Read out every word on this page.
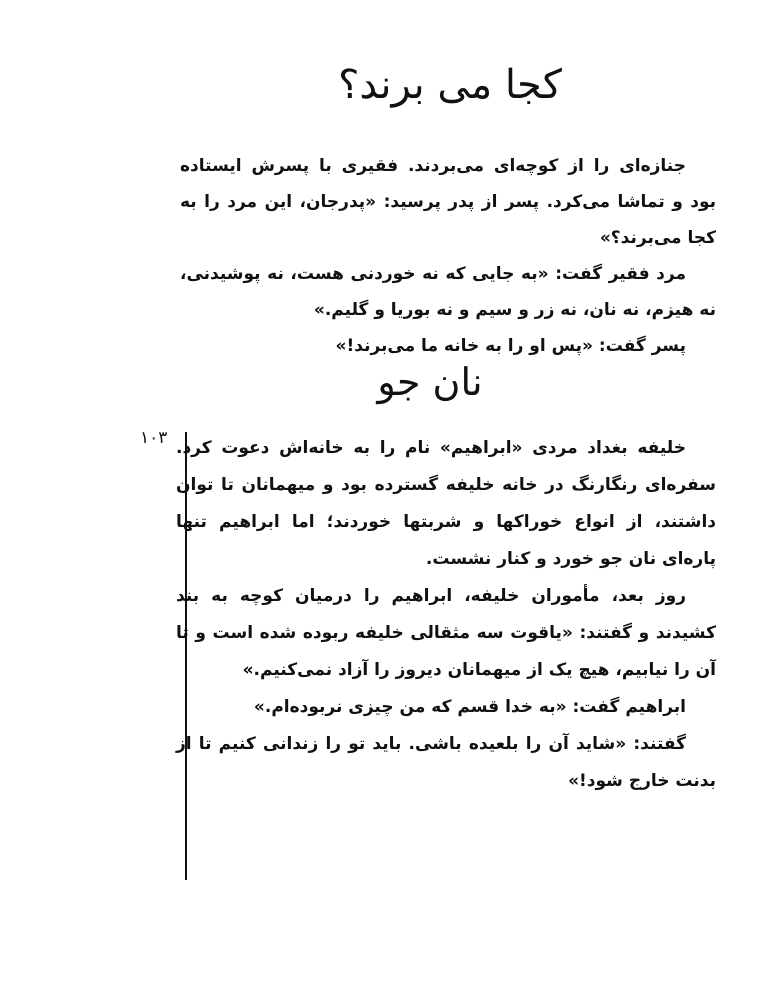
کجا می برند؟

جنازه‌ای را از کوچه‌ای می‌بردند. فقیری با پسرش ایستاده بود و تماشا می‌کرد. پسر از پدر پرسید: «پدرجان، این مرد را به کجا می‌برند؟»

مرد فقیر گفت: «به جایی که نه خوردنی هست، نه پوشیدنی، نه هیزم، نه نان، نه زر و سیم و نه بوریا و گلیم.»

پسر گفت: «پس او را به خانه ما می‌برند!»

نان جو
۱۰۳ خلیفه بغداد مردی «ابراهیم» نام را به خانه‌اش دعوت کرد. سفره‌ای رنگارنگ در خانه خلیفه گسترده بود و میهمانان تا توان داشتند، از انواع خوراکها و شربتها خوردند؛ اما ابراهیم تنها پاره‌ای نان جو خورد و کنار نشست.

روز بعد، مأموران خلیفه، ابراهیم را درمیان کوچه به بند کشیدند و گفتند: «یاقوت سه مثقالی خلیفه ربوده شده است و تا آن را نیابیم، هیچ یک از میهمانان دیروز را آزاد نمی‌کنیم.»

ابراهیم گفت: «به خدا قسم که من چیزی نربوده‌ام.»

گفتند: «شاید آن را بلعیده باشی. باید تو را زندانی کنیم تا از بدنت خارج شود!»
